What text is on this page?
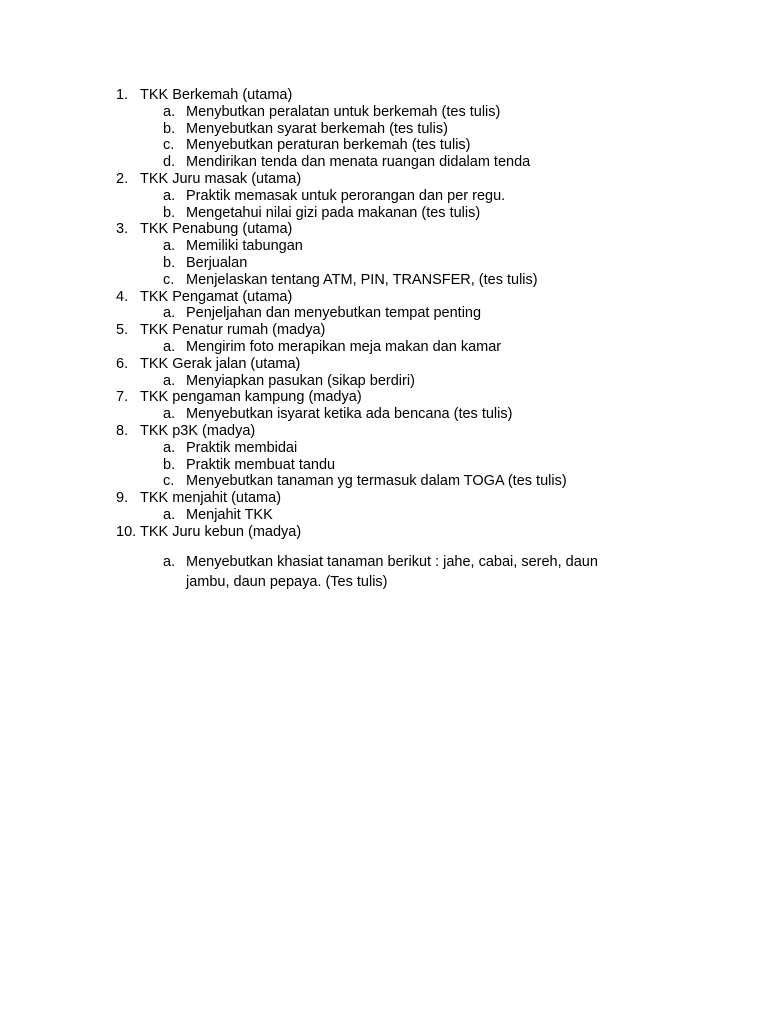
1. TKK Berkemah (utama)
a. Menybutkan peralatan untuk berkemah (tes tulis)
b. Menyebutkan syarat berkemah (tes tulis)
c. Menyebutkan peraturan berkemah (tes tulis)
d. Mendirikan tenda dan menata ruangan didalam tenda
2. TKK Juru masak (utama)
a. Praktik memasak untuk perorangan dan per regu.
b. Mengetahui nilai gizi pada makanan (tes tulis)
3. TKK Penabung (utama)
a. Memiliki tabungan
b. Berjualan
c. Menjelaskan tentang ATM, PIN, TRANSFER, (tes tulis)
4. TKK Pengamat (utama)
a. Penjeljahan dan menyebutkan tempat penting
5. TKK Penatur rumah (madya)
a. Mengirim foto merapikan meja makan dan kamar
6. TKK Gerak jalan (utama)
a. Menyiapkan pasukan (sikap berdiri)
7. TKK pengaman kampung (madya)
a. Menyebutkan isyarat ketika ada bencana (tes tulis)
8. TKK p3K (madya)
a. Praktik membidai
b. Praktik membuat tandu
c. Menyebutkan tanaman yg termasuk dalam TOGA (tes tulis)
9. TKK menjahit (utama)
a. Menjahit TKK
10. TKK Juru kebun (madya)
a. Menyebutkan khasiat tanaman berikut : jahe, cabai, sereh, daun jambu, daun pepaya. (Tes tulis)
